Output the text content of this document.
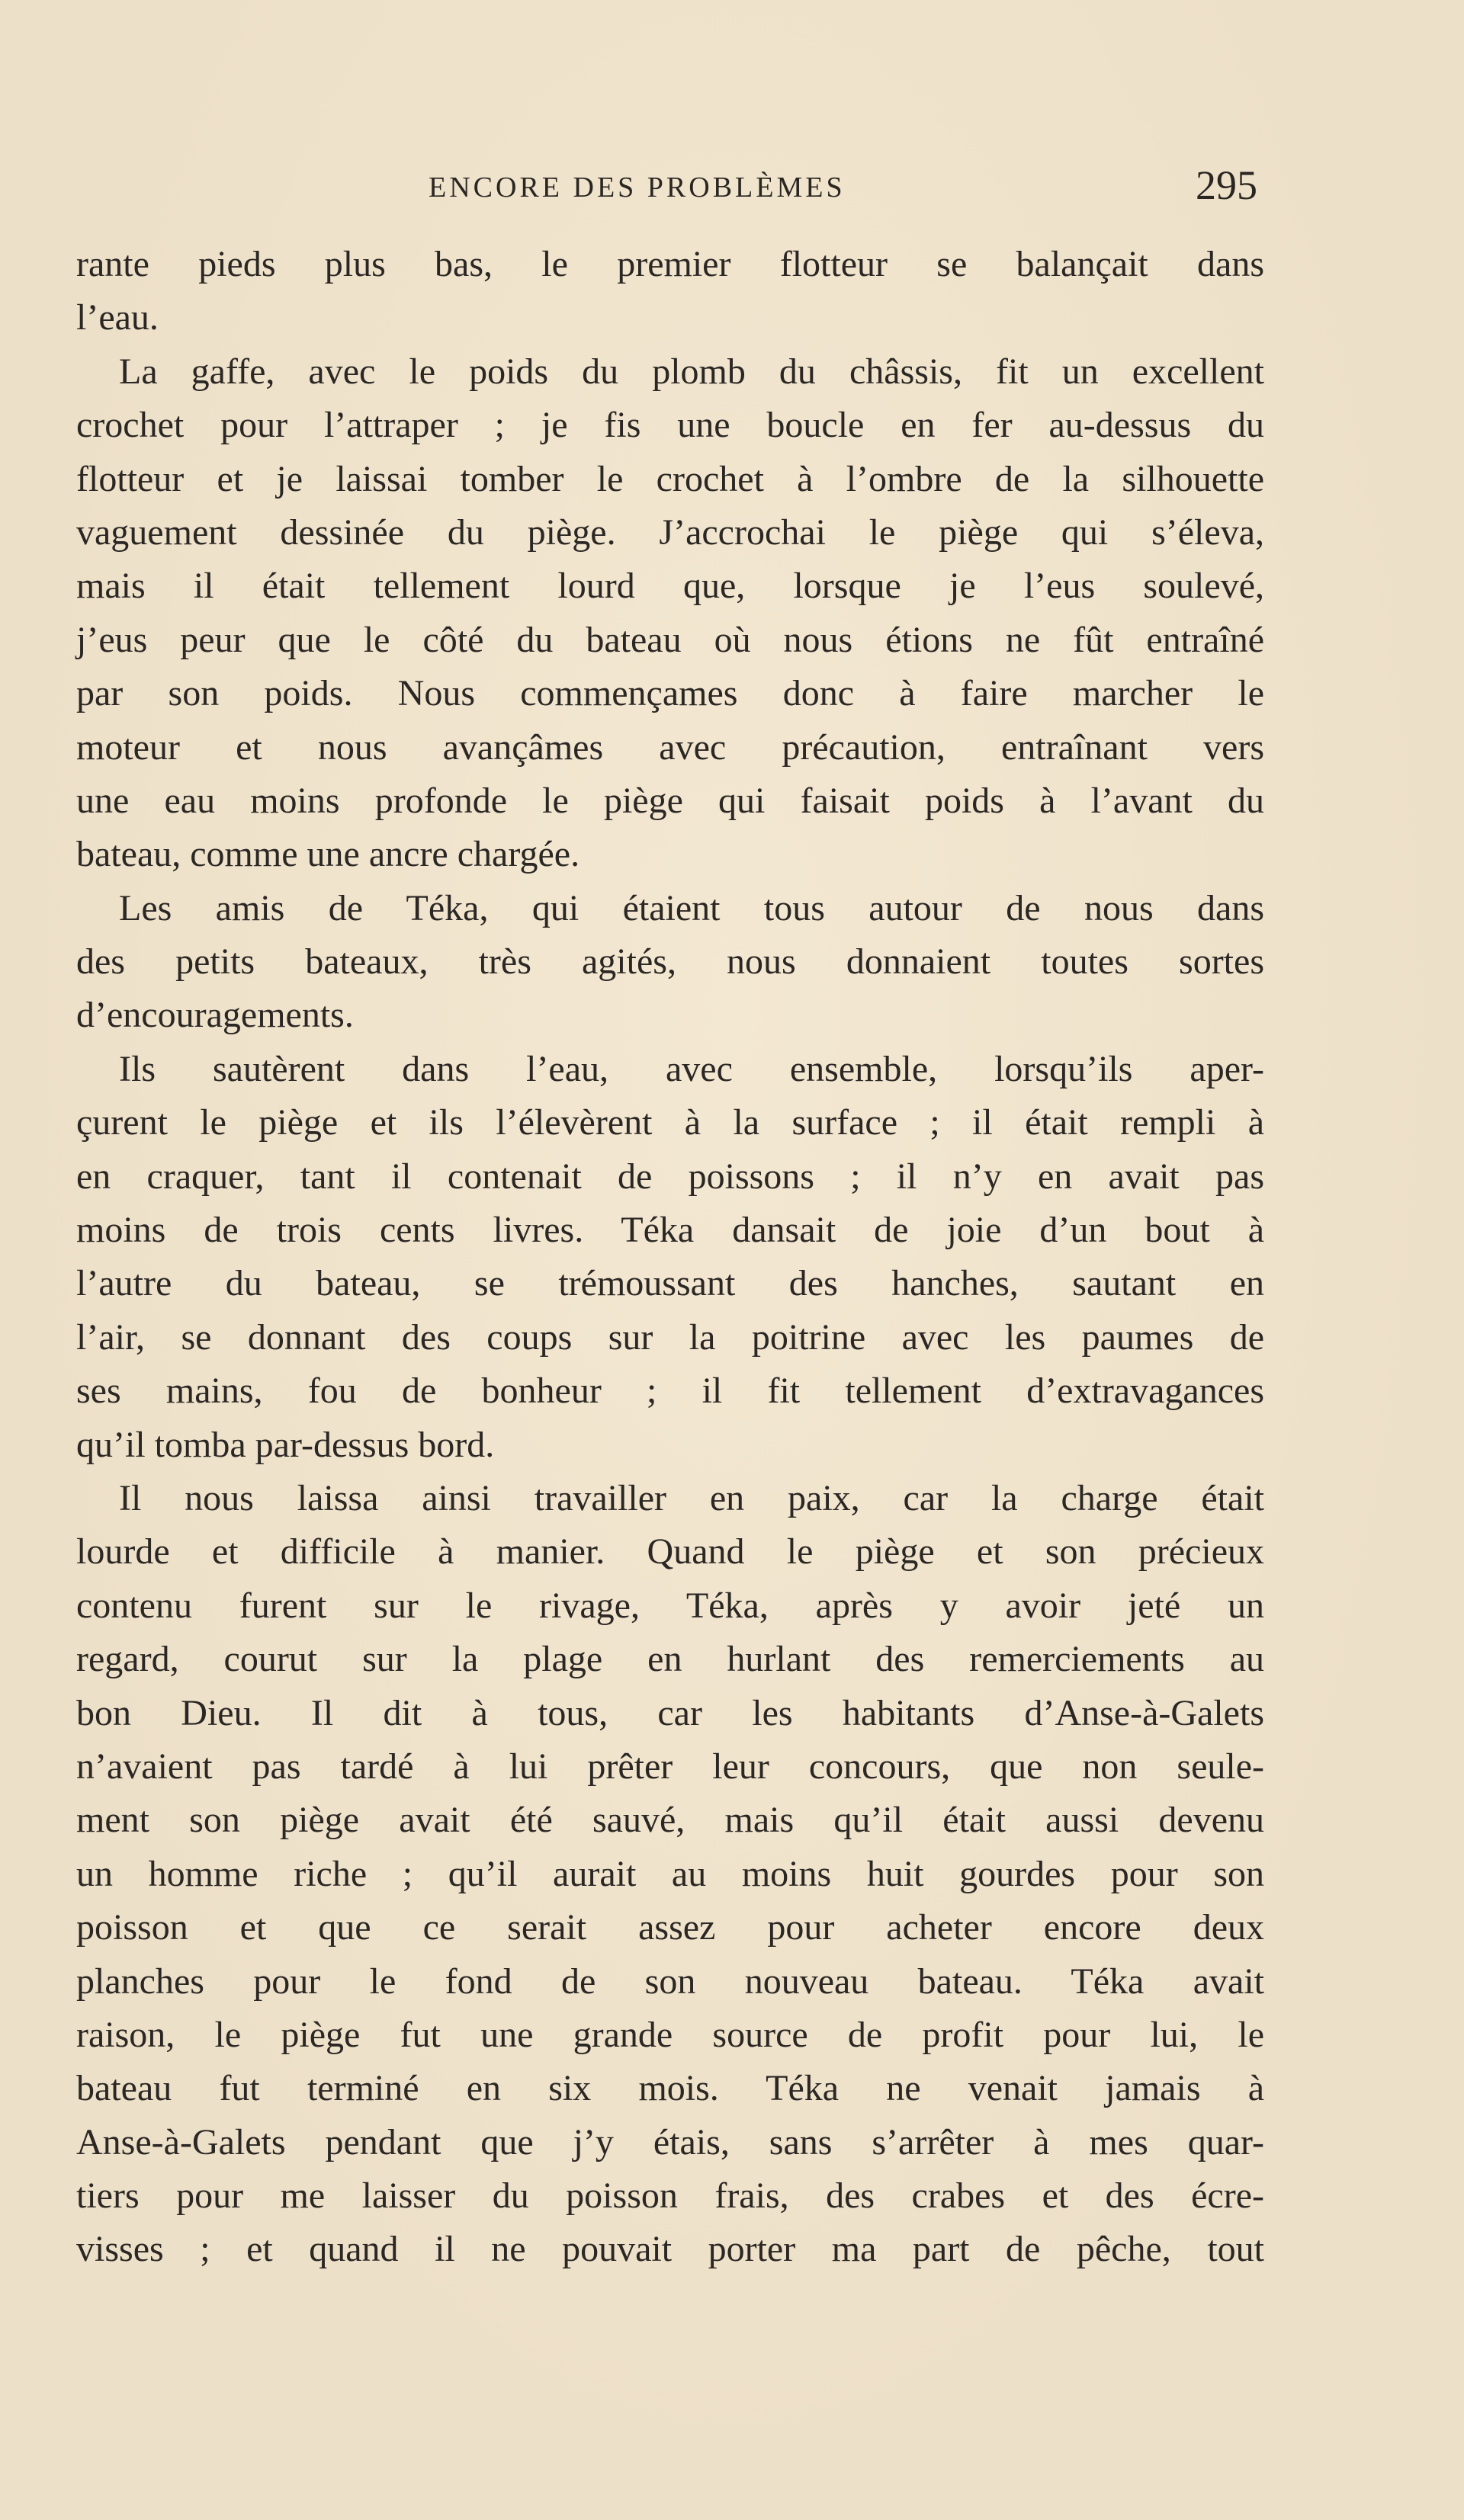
ENCORE DES PROBLÈMES	295
rante pieds plus bas, le premier flotteur se balançait dans
l’eau.
La gaffe, avec le poids du plomb du châssis, fit un excellent
crochet pour l’attraper ; je fis une boucle en fer au-dessus du
flotteur et je laissai tomber le crochet à l’ombre de la silhouette
vaguement dessinée du piège. J’accrochai le piège qui s’éleva,
mais il était tellement lourd que, lorsque je l’eus soulevé,
j’eus peur que le côté du bateau où nous étions ne fût entraîné
par son poids. Nous commençames donc à faire marcher le
moteur et nous avançâmes avec précaution, entraînant vers
une eau moins profonde le piège qui faisait poids à l’avant du
bateau, comme une ancre chargée.
Les amis de Téka, qui étaient tous autour de nous dans
des petits bateaux, très agités, nous donnaient toutes sortes
d’encouragements.
Ils sautèrent dans l’eau, avec ensemble, lorsqu’ils aper-
çurent le piège et ils l’élevèrent à la surface ; il était rempli à
en craquer, tant il contenait de poissons ; il n’y en avait pas
moins de trois cents livres. Téka dansait de joie d’un bout à
l’autre du bateau, se trémoussant des hanches, sautant en
l’air, se donnant des coups sur la poitrine avec les paumes de
ses mains, fou de bonheur ; il fit tellement d’extravagances
qu’il tomba par-dessus bord.
Il nous laissa ainsi travailler en paix, car la charge était
lourde et difficile à manier. Quand le piège et son précieux
contenu furent sur le rivage, Téka, après y avoir jeté un
regard, courut sur la plage en hurlant des remerciements au
bon Dieu. Il dit à tous, car les habitants d’Anse-à-Galets
n’avaient pas tardé à lui prêter leur concours, que non seule-
ment son piège avait été sauvé, mais qu’il était aussi devenu
un homme riche ; qu’il aurait au moins huit gourdes pour son
poisson et que ce serait assez pour acheter encore deux
planches pour le fond de son nouveau bateau. Téka avait
raison, le piège fut une grande source de profit pour lui, le
bateau fut terminé en six mois. Téka ne venait jamais à
Anse-à-Galets pendant que j’y étais, sans s’arrêter à mes quar-
tiers pour me laisser du poisson frais, des crabes et des écre-
visses ; et quand il ne pouvait porter ma part de pêche, tout
